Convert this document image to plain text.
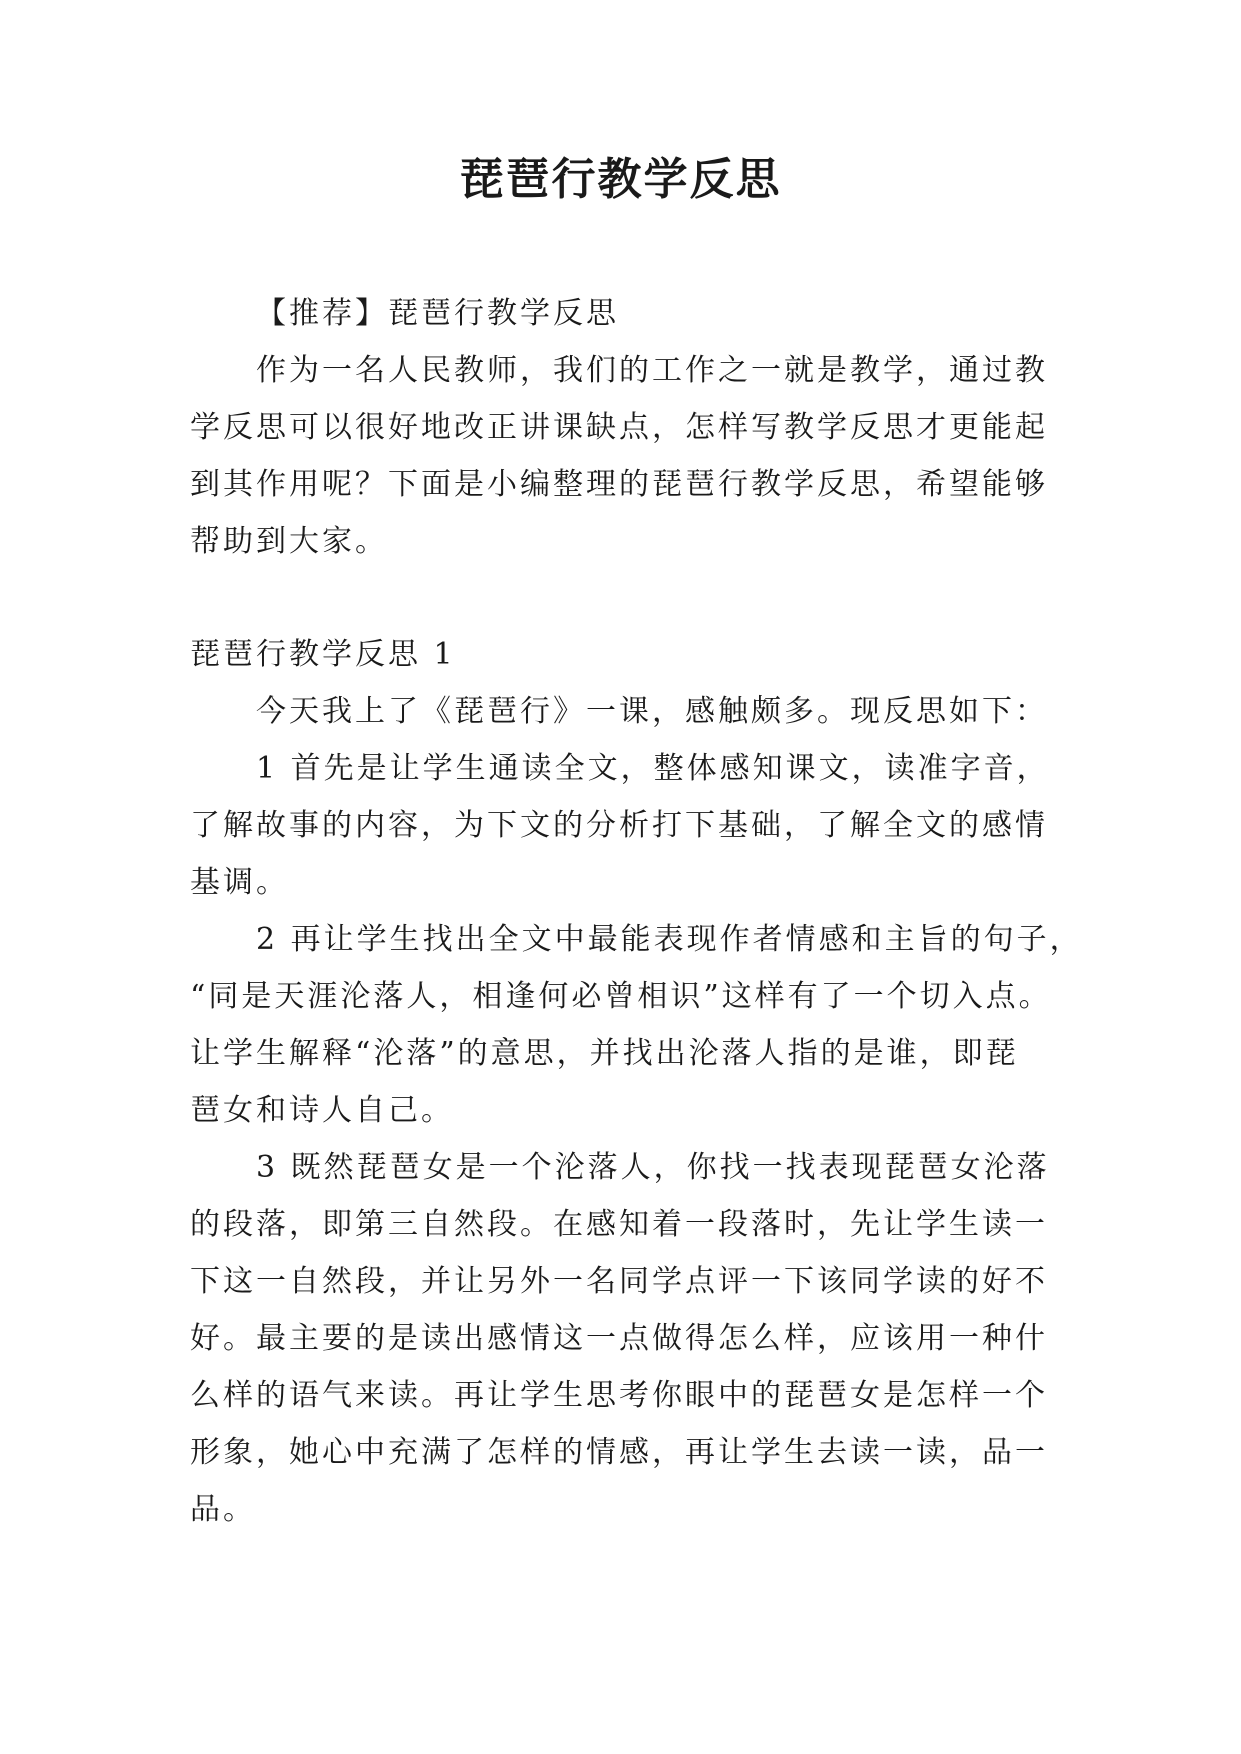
琵琶行教学反思
【推荐】琵琶行教学反思
作为一名人民教师，我们的工作之一就是教学，通过教
学反思可以很好地改正讲课缺点，怎样写教学反思才更能起
到其作用呢？下面是小编整理的琵琶行教学反思，希望能够
帮助到大家。
琵琶行教学反思 1
今天我上了《琵琶行》一课，感触颇多。现反思如下：
1 首先是让学生通读全文，整体感知课文，读准字音，
了解故事的内容，为下文的分析打下基础，了解全文的感情
基调。
2 再让学生找出全文中最能表现作者情感和主旨的句子，
“同是天涯沦落人，相逢何必曾相识”这样有了一个切入点。
让学生解释“沦落”的意思，并找出沦落人指的是谁，即琵
琶女和诗人自己。
3 既然琵琶女是一个沦落人，你找一找表现琵琶女沦落
的段落，即第三自然段。在感知着一段落时，先让学生读一
下这一自然段，并让另外一名同学点评一下该同学读的好不
好。最主要的是读出感情这一点做得怎么样，应该用一种什
么样的语气来读。再让学生思考你眼中的琵琶女是怎样一个
形象，她心中充满了怎样的情感，再让学生去读一读，品一
品。
